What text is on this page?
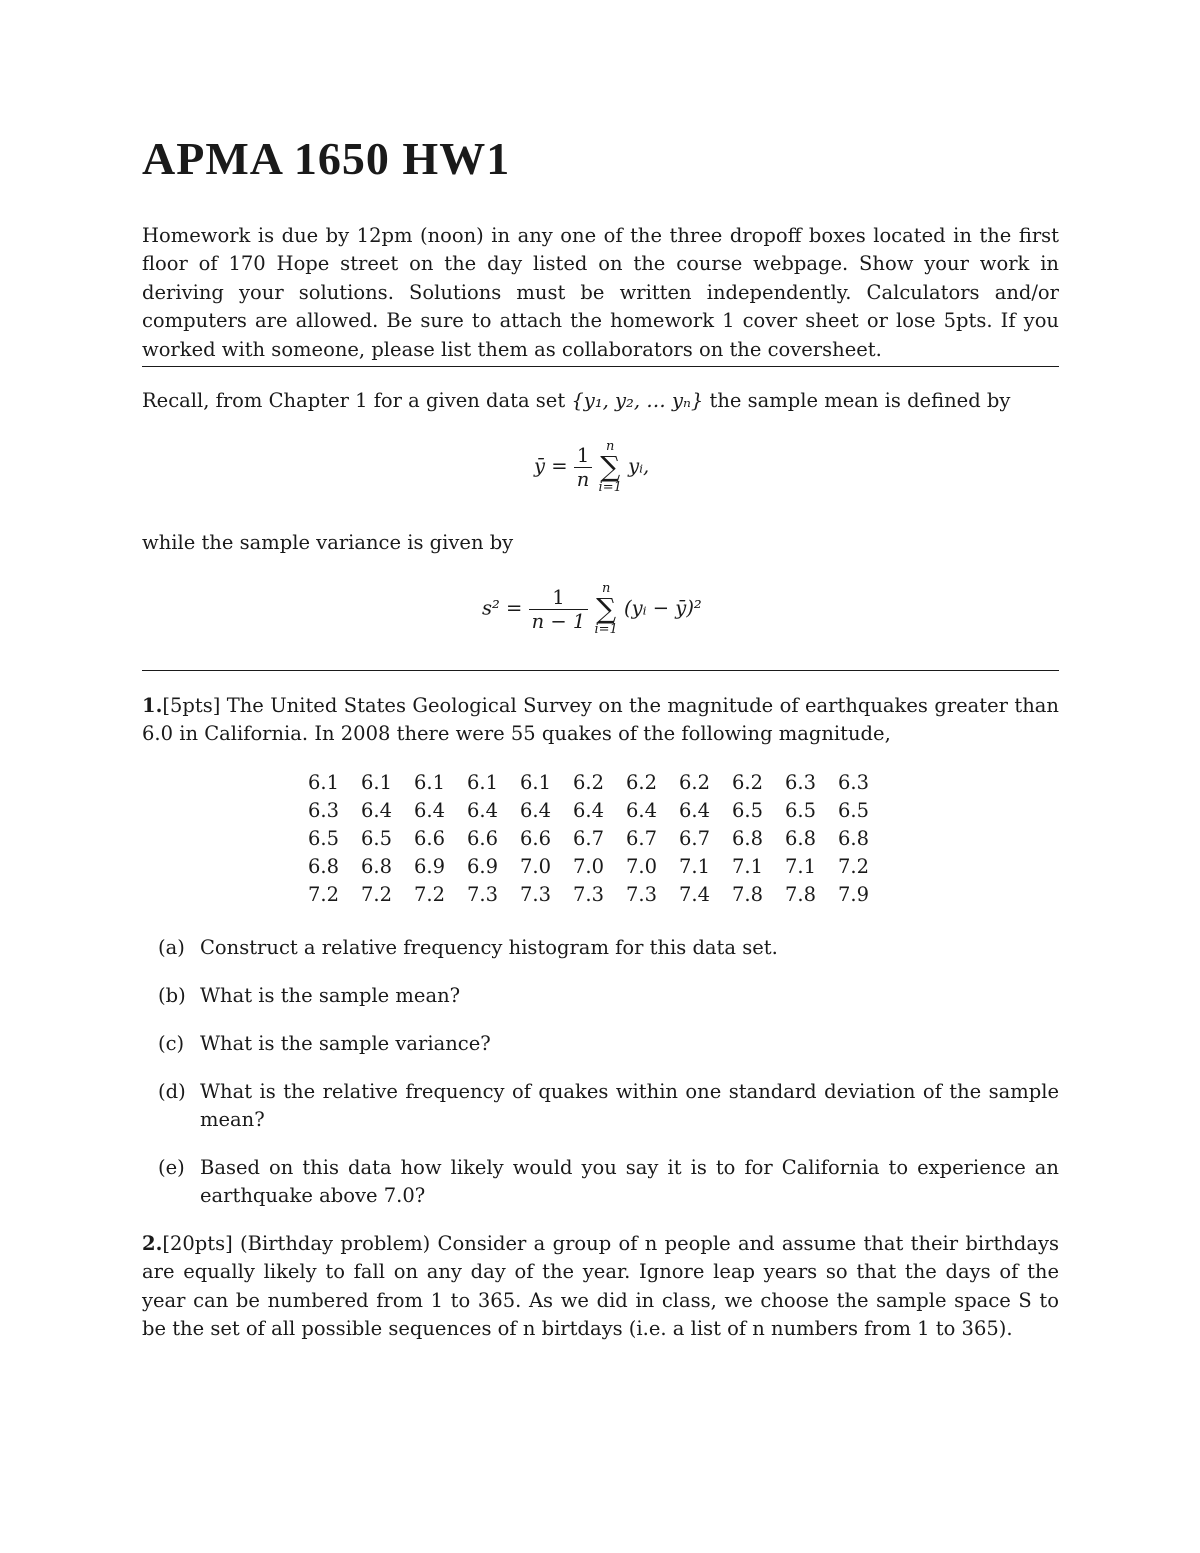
APMA 1650 HW1

Homework is due by 12pm (noon) in any one of the three dropoff boxes located in the first floor of 170 Hope street on the day listed on the course webpage. Show your work in deriving your solutions. Solutions must be written independently. Calculators and/or computers are allowed. Be sure to attach the homework 1 cover sheet or lose 5pts. If you worked with someone, please list them as collaborators on the coversheet.

Recall, from Chapter 1 for a given data set {y₁, y₂, … yₙ} the sample mean is defined by

ȳ = $\frac{1}{n}$
	n
∑
i=1
yᵢ,

while the sample variance is given by

$s^2 = \frac{1}{n - 1}$
	n
∑
i=1
(yᵢ − ȳ)²

1.[5pts] The United States Geological Survey on the magnitude of earthquakes greater than 6.0 in California. In 2008 there were 55 quakes of the following magnitude,

6.1	6.1	6.1	6.1	6.1	6.2	6.2	6.2	6.2	6.3	6.3
6.3	6.4	6.4	6.4	6.4	6.4	6.4	6.4	6.5	6.5	6.5
6.5	6.5	6.6	6.6	6.6	6.7	6.7	6.7	6.8	6.8	6.8
6.8	6.8	6.9	6.9	7.0	7.0	7.0	7.1	7.1	7.1	7.2
7.2	7.2	7.2	7.3	7.3	7.3	7.3	7.4	7.8	7.8	7.9
(a) Construct a relative frequency histogram for this data set.
(b) What is the sample mean?
(c) What is the sample variance?
(d) What is the relative frequency of quakes within one standard deviation of the sample mean?
(e) Based on this data how likely would you say it is to for California to experience an earthquake above 7.0?

2.[20pts] (Birthday problem) Consider a group of n people and assume that their birthdays are equally likely to fall on any day of the year. Ignore leap years so that the days of the year can be numbered from 1 to 365. As we did in class, we choose the sample space S to be the set of all possible sequences of n birtdays (i.e. a list of n numbers from 1 to 365).
